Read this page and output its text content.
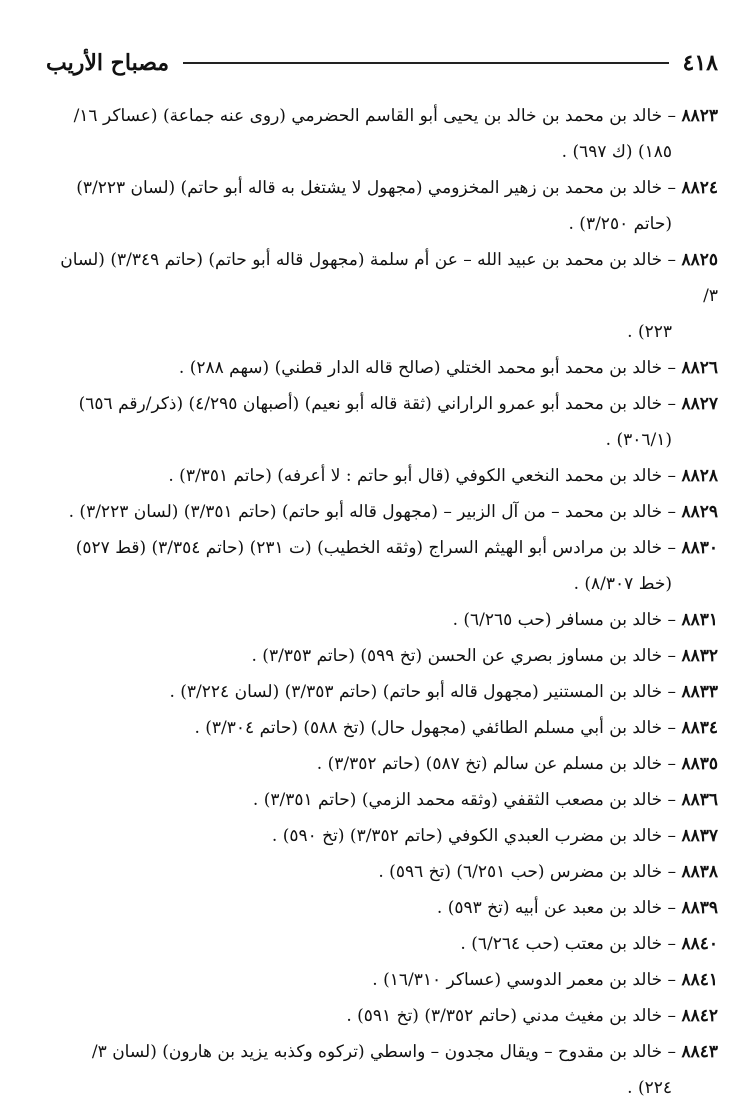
٤١٨
مصباح الأريب
٨٨٢٣ – خالد بن محمد بن خالد بن يحيى أبو القاسم الحضرمي (روى عنه جماعة) (عساكر ١٦/
١٨٥) (ك ٦٩٧) .
٨٨٢٤ – خالد بن محمد بن زهير المخزومي (مجهول لا يشتغل به قاله أبو حاتم) (لسان ٣/٢٢٣)
(حاتم ٣/٢٥٠) .
٨٨٢٥ – خالد بن محمد بن عبيد الله – عن أم سلمة (مجهول قاله أبو حاتم) (حاتم ٣/٣٤٩) (لسان ٣/
٢٢٣) .
٨٨٢٦ – خالد بن محمد أبو محمد الختلي (صالح قاله الدار قطني) (سهم ٢٨٨) .
٨٨٢٧ – خالد بن محمد أبو عمرو الراراني (ثقة قاله أبو نعيم) (أصبهان ٤/٢٩٥) (ذكر/رقم ٦٥٦)
(٣٠٦/١) .
٨٨٢٨ – خالد بن محمد النخعي الكوفي (قال أبو حاتم : لا أعرفه) (حاتم ٣/٣٥١) .
٨٨٢٩ – خالد بن محمد – من آل الزبير – (مجهول قاله أبو حاتم) (حاتم ٣/٣٥١) (لسان ٣/٢٢٣) .
٨٨٣٠ – خالد بن مرادس أبو الهيثم السراج (وثقه الخطيب) (ت ٢٣١) (حاتم ٣/٣٥٤) (قط ٥٢٧)
(خط ٨/٣٠٧) .
٨٨٣١ – خالد بن مسافر (حب ٦/٢٦٥) .
٨٨٣٢ – خالد بن مساوز بصري عن الحسن (تخ ٥٩٩) (حاتم ٣/٣٥٣) .
٨٨٣٣ – خالد بن المستنير (مجهول قاله أبو حاتم) (حاتم ٣/٣٥٣) (لسان ٣/٢٢٤) .
٨٨٣٤ – خالد بن أبي مسلم الطائفي (مجهول حال) (تخ ٥٨٨) (حاتم ٣/٣٠٤) .
٨٨٣٥ – خالد بن مسلم عن سالم (تخ ٥٨٧) (حاتم ٣/٣٥٢) .
٨٨٣٦ – خالد بن مصعب الثقفي (وثقه محمد الزمي) (حاتم ٣/٣٥١) .
٨٨٣٧ – خالد بن مضرب العبدي الكوفي (حاتم ٣/٣٥٢) (تخ ٥٩٠) .
٨٨٣٨ – خالد بن مضرس (حب ٦/٢٥١) (تخ ٥٩٦) .
٨٨٣٩ – خالد بن معبد عن أبيه (تخ ٥٩٣) .
٨٨٤٠ – خالد بن معتب (حب ٦/٢٦٤) .
٨٨٤١ – خالد بن معمر الدوسي (عساكر ١٦/٣١٠) .
٨٨٤٢ – خالد بن مغيث مدني (حاتم ٣/٣٥٢) (تخ ٥٩١) .
٨٨٤٣ – خالد بن مقدوح – ويقال مجدون – واسطي (تركوه وكذبه يزيد بن هارون) (لسان ٣/
٢٢٤) .
